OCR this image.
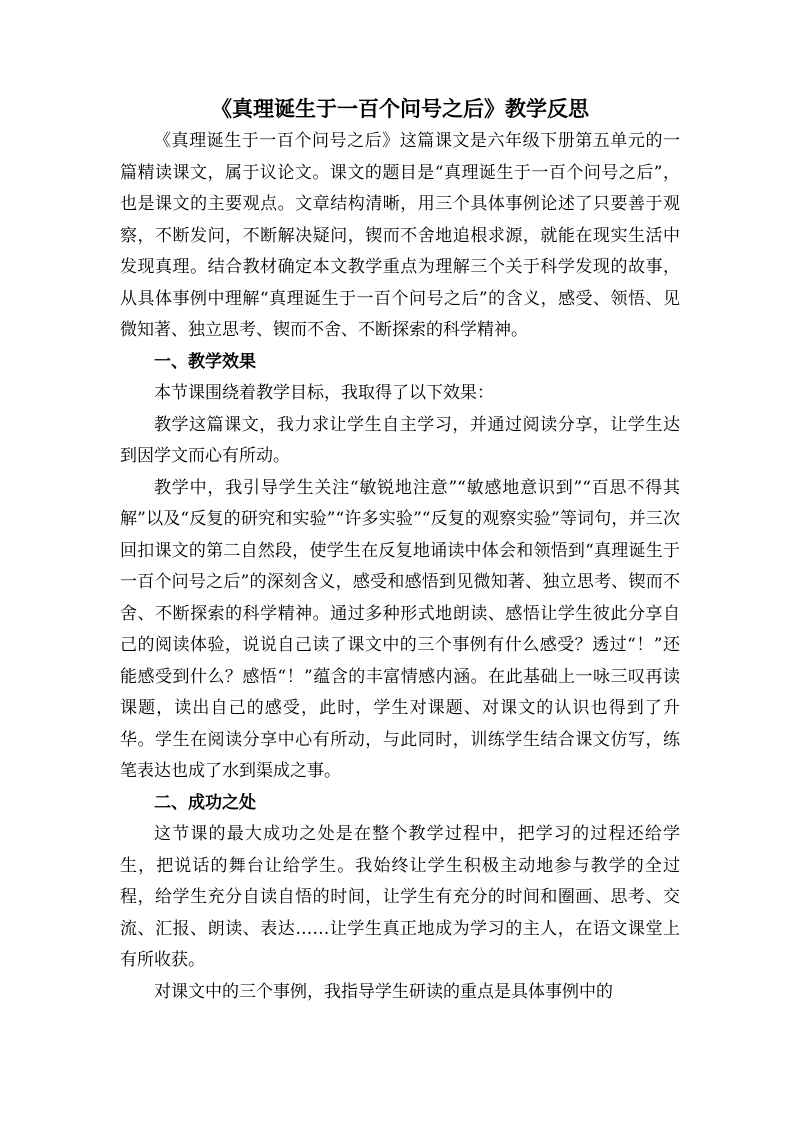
《真理诞生于一百个问号之后》教学反思

《真理诞生于一百个问号之后》这篇课文是六年级下册第五单元的一篇精读课文，属于议论文。课文的题目是“真理诞生于一百个问号之后”，也是课文的主要观点。文章结构清晰，用三个具体事例论述了只要善于观察，不断发问，不断解决疑问，锲而不舍地追根求源，就能在现实生活中发现真理。结合教材确定本文教学重点为理解三个关于科学发现的故事，从具体事例中理解“真理诞生于一百个问号之后”的含义，感受、领悟、见微知著、独立思考、锲而不舍、不断探索的科学精神。

一、教学效果

本节课围绕着教学目标，我取得了以下效果：

教学这篇课文，我力求让学生自主学习，并通过阅读分享，让学生达到因学文而心有所动。

教学中，我引导学生关注“敏锐地注意”“敏感地意识到”“百思不得其解”以及“反复的研究和实验”“许多实验”“反复的观察实验”等词句，并三次回扣课文的第二自然段，使学生在反复地诵读中体会和领悟到“真理诞生于一百个问号之后”的深刻含义，感受和感悟到见微知著、独立思考、锲而不舍、不断探索的科学精神。通过多种形式地朗读、感悟让学生彼此分享自己的阅读体验，说说自己读了课文中的三个事例有什么感受？透过“！”还能感受到什么？感悟“！”蕴含的丰富情感内涵。在此基础上一咏三叹再读课题，读出自己的感受，此时，学生对课题、对课文的认识也得到了升华。学生在阅读分享中心有所动，与此同时，训练学生结合课文仿写，练笔表达也成了水到渠成之事。

二、成功之处

这节课的最大成功之处是在整个教学过程中，把学习的过程还给学生，把说话的舞台让给学生。我始终让学生积极主动地参与教学的全过程，给学生充分自读自悟的时间，让学生有充分的时间和圈画、思考、交流、汇报、朗读、表达……让学生真正地成为学习的主人，在语文课堂上有所收获。

对课文中的三个事例，我指导学生研读的重点是具体事例中的
